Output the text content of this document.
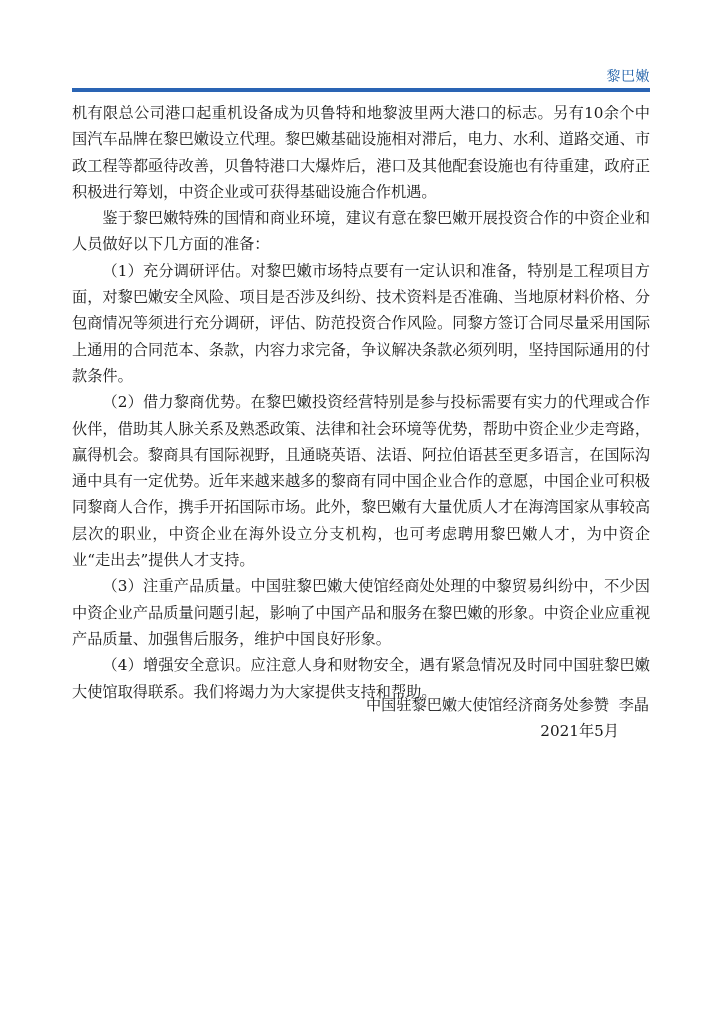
黎巴嫩

机有限总公司港口起重机设备成为贝鲁特和地黎波里两大港口的标志。另有10余个中国汽车品牌在黎巴嫩设立代理。黎巴嫩基础设施相对滞后，电力、水利、道路交通、市政工程等都亟待改善，贝鲁特港口大爆炸后，港口及其他配套设施也有待重建，政府正积极进行筹划，中资企业或可获得基础设施合作机遇。

鉴于黎巴嫩特殊的国情和商业环境，建议有意在黎巴嫩开展投资合作的中资企业和人员做好以下几方面的准备：

（1）充分调研评估。对黎巴嫩市场特点要有一定认识和准备，特别是工程项目方面，对黎巴嫩安全风险、项目是否涉及纠纷、技术资料是否准确、当地原材料价格、分包商情况等须进行充分调研，评估、防范投资合作风险。同黎方签订合同尽量采用国际上通用的合同范本、条款，内容力求完备，争议解决条款必须列明，坚持国际通用的付款条件。

（2）借力黎商优势。在黎巴嫩投资经营特别是参与投标需要有实力的代理或合作伙伴，借助其人脉关系及熟悉政策、法律和社会环境等优势，帮助中资企业少走弯路，赢得机会。黎商具有国际视野，且通晓英语、法语、阿拉伯语甚至更多语言，在国际沟通中具有一定优势。近年来越来越多的黎商有同中国企业合作的意愿，中国企业可积极同黎商人合作，携手开拓国际市场。此外，黎巴嫩有大量优质人才在海湾国家从事较高层次的职业，中资企业在海外设立分支机构，也可考虑聘用黎巴嫩人才，为中资企业“走出去”提供人才支持。

（3）注重产品质量。中国驻黎巴嫩大使馆经商处处理的中黎贸易纠纷中，不少因中资企业产品质量问题引起，影响了中国产品和服务在黎巴嫩的形象。中资企业应重视产品质量、加强售后服务，维护中国良好形象。

（4）增强安全意识。应注意人身和财物安全，遇有紧急情况及时同中国驻黎巴嫩大使馆取得联系。我们将竭力为大家提供支持和帮助。

中国驻黎巴嫩大使馆经济商务处参赞  李晶
2021年5月
